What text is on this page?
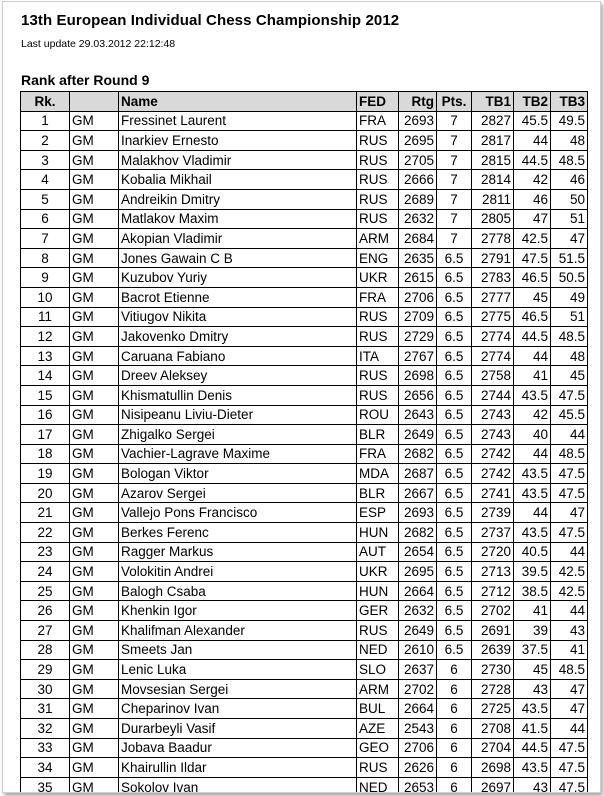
13th European Individual Chess Championship 2012
Last update 29.03.2012 22:12:48
Rank after Round 9
Rk.		Name	FED	Rtg	Pts.	TB1	TB2	TB3
1	GM	Fressinet Laurent	FRA	2693	7	2827	45.5	49.5
2	GM	Inarkiev Ernesto	RUS	2695	7	2817	44	48
3	GM	Malakhov Vladimir	RUS	2705	7	2815	44.5	48.5
4	GM	Kobalia Mikhail	RUS	2666	7	2814	42	46
5	GM	Andreikin Dmitry	RUS	2689	7	2811	46	50
6	GM	Matlakov Maxim	RUS	2632	7	2805	47	51
7	GM	Akopian Vladimir	ARM	2684	7	2778	42.5	47
8	GM	Jones Gawain C B	ENG	2635	6.5	2791	47.5	51.5
9	GM	Kuzubov Yuriy	UKR	2615	6.5	2783	46.5	50.5
10	GM	Bacrot Etienne	FRA	2706	6.5	2777	45	49
11	GM	Vitiugov Nikita	RUS	2709	6.5	2775	46.5	51
12	GM	Jakovenko Dmitry	RUS	2729	6.5	2774	44.5	48.5
13	GM	Caruana Fabiano	ITA	2767	6.5	2774	44	48
14	GM	Dreev Aleksey	RUS	2698	6.5	2758	41	45
15	GM	Khismatullin Denis	RUS	2656	6.5	2744	43.5	47.5
16	GM	Nisipeanu Liviu-Dieter	ROU	2643	6.5	2743	42	45.5
17	GM	Zhigalko Sergei	BLR	2649	6.5	2743	40	44
18	GM	Vachier-Lagrave Maxime	FRA	2682	6.5	2742	44	48.5
19	GM	Bologan Viktor	MDA	2687	6.5	2742	43.5	47.5
20	GM	Azarov Sergei	BLR	2667	6.5	2741	43.5	47.5
21	GM	Vallejo Pons Francisco	ESP	2693	6.5	2739	44	47
22	GM	Berkes Ferenc	HUN	2682	6.5	2737	43.5	47.5
23	GM	Ragger Markus	AUT	2654	6.5	2720	40.5	44
24	GM	Volokitin Andrei	UKR	2695	6.5	2713	39.5	42.5
25	GM	Balogh Csaba	HUN	2664	6.5	2712	38.5	42.5
26	GM	Khenkin Igor	GER	2632	6.5	2702	41	44
27	GM	Khalifman Alexander	RUS	2649	6.5	2691	39	43
28	GM	Smeets Jan	NED	2610	6.5	2639	37.5	41
29	GM	Lenic Luka	SLO	2637	6	2730	45	48.5
30	GM	Movsesian Sergei	ARM	2702	6	2728	43	47
31	GM	Cheparinov Ivan	BUL	2664	6	2725	43.5	47
32	GM	Durarbeyli Vasif	AZE	2543	6	2708	41.5	44
33	GM	Jobava Baadur	GEO	2706	6	2704	44.5	47.5
34	GM	Khairullin Ildar	RUS	2626	6	2698	43.5	47.5
35	GM	Sokolov Ivan	NED	2653	6	2697	43	47.5
